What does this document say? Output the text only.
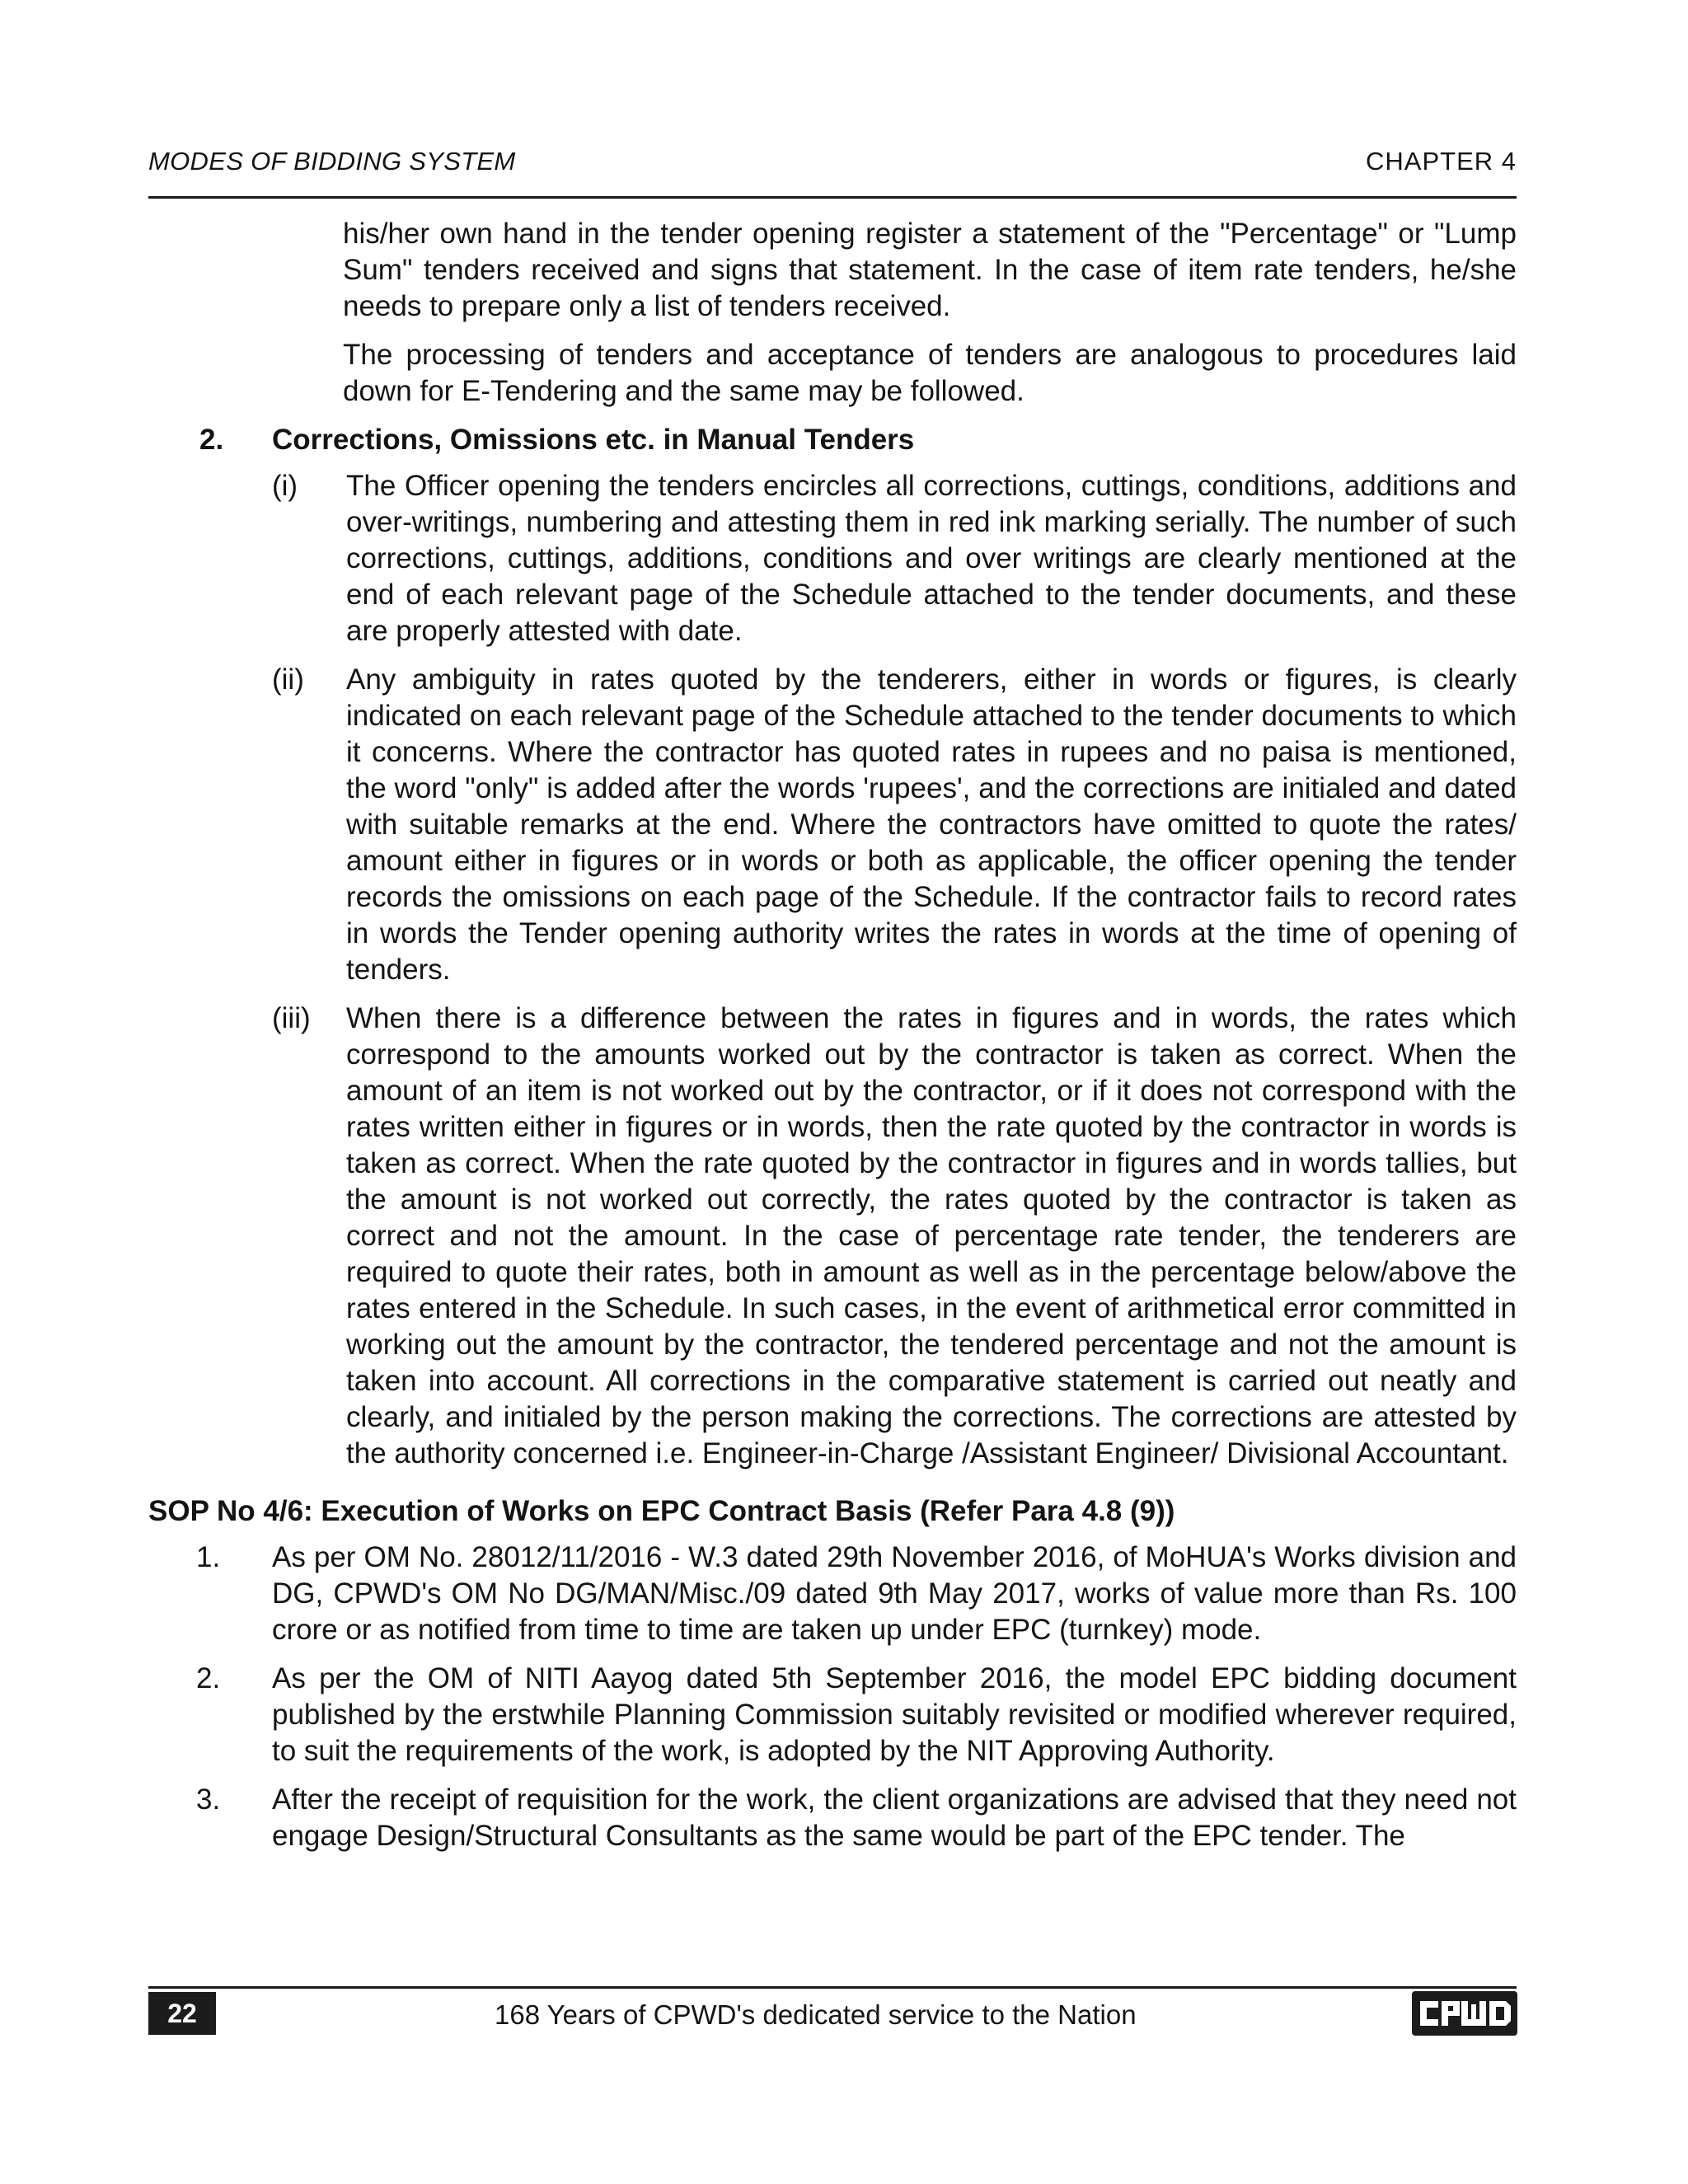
MODES OF BIDDING SYSTEM	CHAPTER 4

his/her own hand in the tender opening register a statement of the "Percentage" or "Lump Sum" tenders received and signs that statement. In the case of item rate tenders, he/she needs to prepare only a list of tenders received.

The processing of tenders and acceptance of tenders are analogous to procedures laid down for E-Tendering and the same may be followed.

2. Corrections, Omissions etc. in Manual Tenders
(i) The Officer opening the tenders encircles all corrections, cuttings, conditions, additions and over-writings, numbering and attesting them in red ink marking serially. The number of such corrections, cuttings, additions, conditions and over writings are clearly mentioned at the end of each relevant page of the Schedule attached to the tender documents, and these are properly attested with date.
(ii) Any ambiguity in rates quoted by the tenderers, either in words or figures, is clearly indicated on each relevant page of the Schedule attached to the tender documents to which it concerns. Where the contractor has quoted rates in rupees and no paisa is mentioned, the word "only" is added after the words 'rupees', and the corrections are initialed and dated with suitable remarks at the end. Where the contractors have omitted to quote the rates/ amount either in figures or in words or both as applicable, the officer opening the tender records the omissions on each page of the Schedule. If the contractor fails to record rates in words the Tender opening authority writes the rates in words at the time of opening of tenders.
(iii) When there is a difference between the rates in figures and in words, the rates which correspond to the amounts worked out by the contractor is taken as correct. When the amount of an item is not worked out by the contractor, or if it does not correspond with the rates written either in figures or in words, then the rate quoted by the contractor in words is taken as correct. When the rate quoted by the contractor in figures and in words tallies, but the amount is not worked out correctly, the rates quoted by the contractor is taken as correct and not the amount. In the case of percentage rate tender, the tenderers are required to quote their rates, both in amount as well as in the percentage below/above the rates entered in the Schedule. In such cases, in the event of arithmetical error committed in working out the amount by the contractor, the tendered percentage and not the amount is taken into account. All corrections in the comparative statement is carried out neatly and clearly, and initialed by the person making the corrections. The corrections are attested by the authority concerned i.e. Engineer-in-Charge /Assistant Engineer/ Divisional Accountant.
SOP No 4/6: Execution of Works on EPC Contract Basis (Refer Para 4.8 (9))
1. As per OM No. 28012/11/2016 - W.3 dated 29th November 2016, of MoHUA's Works division and DG, CPWD's OM No DG/MAN/Misc./09 dated 9th May 2017, works of value more than Rs. 100 crore or as notified from time to time are taken up under EPC (turnkey) mode.
2. As per the OM of NITI Aayog dated 5th September 2016, the model EPC bidding document published by the erstwhile Planning Commission suitably revisited or modified wherever required, to suit the requirements of the work, is adopted by the NIT Approving Authority.
3. After the receipt of requisition for the work, the client organizations are advised that they need not engage Design/Structural Consultants as the same would be part of the EPC tender. The
22	168 Years of CPWD's dedicated service to the Nation
